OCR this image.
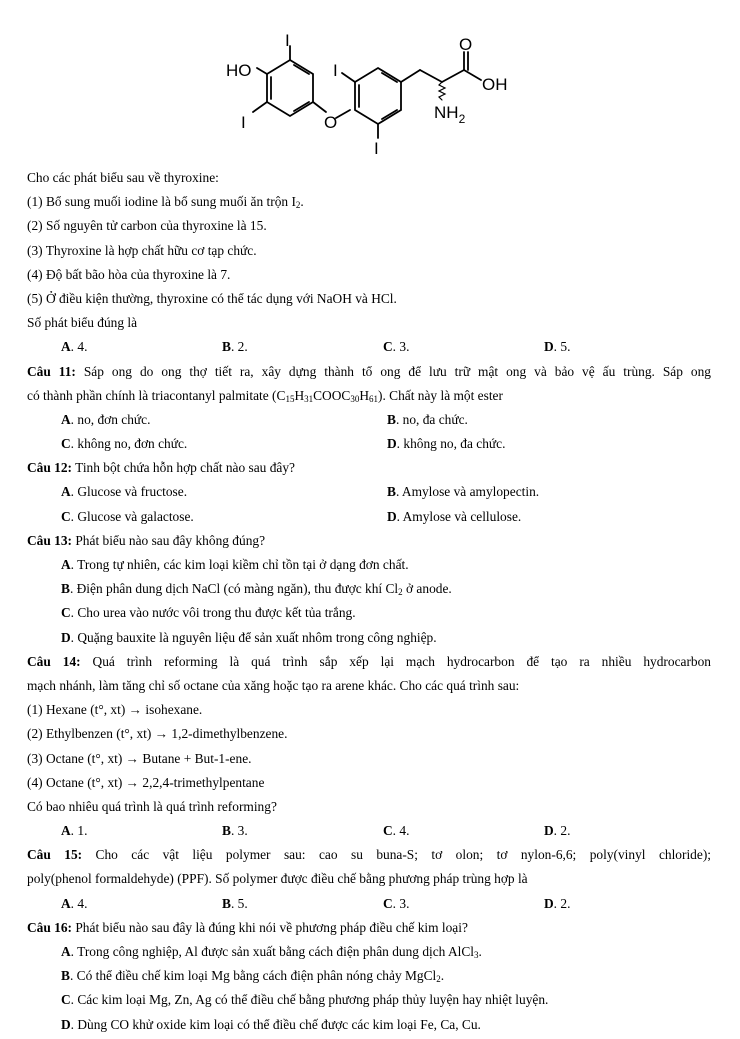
HO
I
I	O
I
I
O
OH
$NH_2$
Cho các phát biểu sau về thyroxine:
(1) Bổ sung muối iodine là bổ sung muối ăn trộn $I_2$.
(2) Số nguyên tử carbon của thyroxine là 15.
(3) Thyroxine là hợp chất hữu cơ tạp chức.
(4) Độ bất bão hòa của thyroxine là 7.
(5) Ở điều kiện thường, thyroxine có thể tác dụng với NaOH và HCl.
Số phát biểu đúng là
A. 4.	B. 2.	C. 3.	D. 5.
Câu 11: Sáp ong do ong thợ tiết ra, xây dựng thành tổ ong để lưu trữ mật ong và bảo vệ ấu trùng. Sáp ong
có thành phần chính là triacontanyl palmitate $(C_{15}H_{31}COOC_{30}H_{61})$. Chất này là một ester
A. no, đơn chức.	B. no, đa chức.
C. không no, đơn chức.	D. không no, đa chức.
Câu 12: Tinh bột chứa hỗn hợp chất nào sau đây?
A. Glucose và fructose.	B. Amylose và amylopectin.
C. Glucose và galactose.	D. Amylose và cellulose.
Câu 13: Phát biểu nào sau đây không đúng?
A. Trong tự nhiên, các kim loại kiềm chỉ tồn tại ở dạng đơn chất.
B. Điện phân dung dịch NaCl (có màng ngăn), thu được khí $Cl_2$ ở anode.
C. Cho urea vào nước vôi trong thu được kết tủa trắng.
D. Quặng bauxite là nguyên liệu để sản xuất nhôm trong công nghiệp.
Câu 14: Quá trình reforming là quá trình sắp xếp lại mạch hydrocarbon để tạo ra nhiều hydrocarbon
mạch nhánh, làm tăng chỉ số octane của xăng hoặc tạo ra arene khác. Cho các quá trình sau:
(1) Hexane (t°, xt) → isohexane.
(2) Ethylbenzen (t°, xt) → 1,2-dimethylbenzene.
(3) Octane (t°, xt) → Butane + But-1-ene.
(4) Octane (t°, xt) → 2,2,4-trimethylpentane
Có bao nhiêu quá trình là quá trình reforming?
A. 1.	B. 3.	C. 4.	D. 2.
Câu 15: Cho các vật liệu polymer sau: cao su buna-S; tơ olon; tơ nylon-6,6; poly(vinyl chloride);
poly(phenol formaldehyde) (PPF). Số polymer được điều chế bằng phương pháp trùng hợp là
A. 4.	B. 5.	C. 3.	D. 2.
Câu 16: Phát biểu nào sau đây là đúng khi nói về phương pháp điều chế kim loại?
A. Trong công nghiệp, Al được sản xuất bằng cách điện phân dung dịch AlCl$_3$.
B. Có thể điều chế kim loại Mg bằng cách điện phân nóng chảy MgCl$_2$.
C. Các kim loại Mg, Zn, Ag có thể điều chế bằng phương pháp thủy luyện hay nhiệt luyện.
D. Dùng CO khử oxide kim loại có thể điều chế được các kim loại Fe, Ca, Cu.
